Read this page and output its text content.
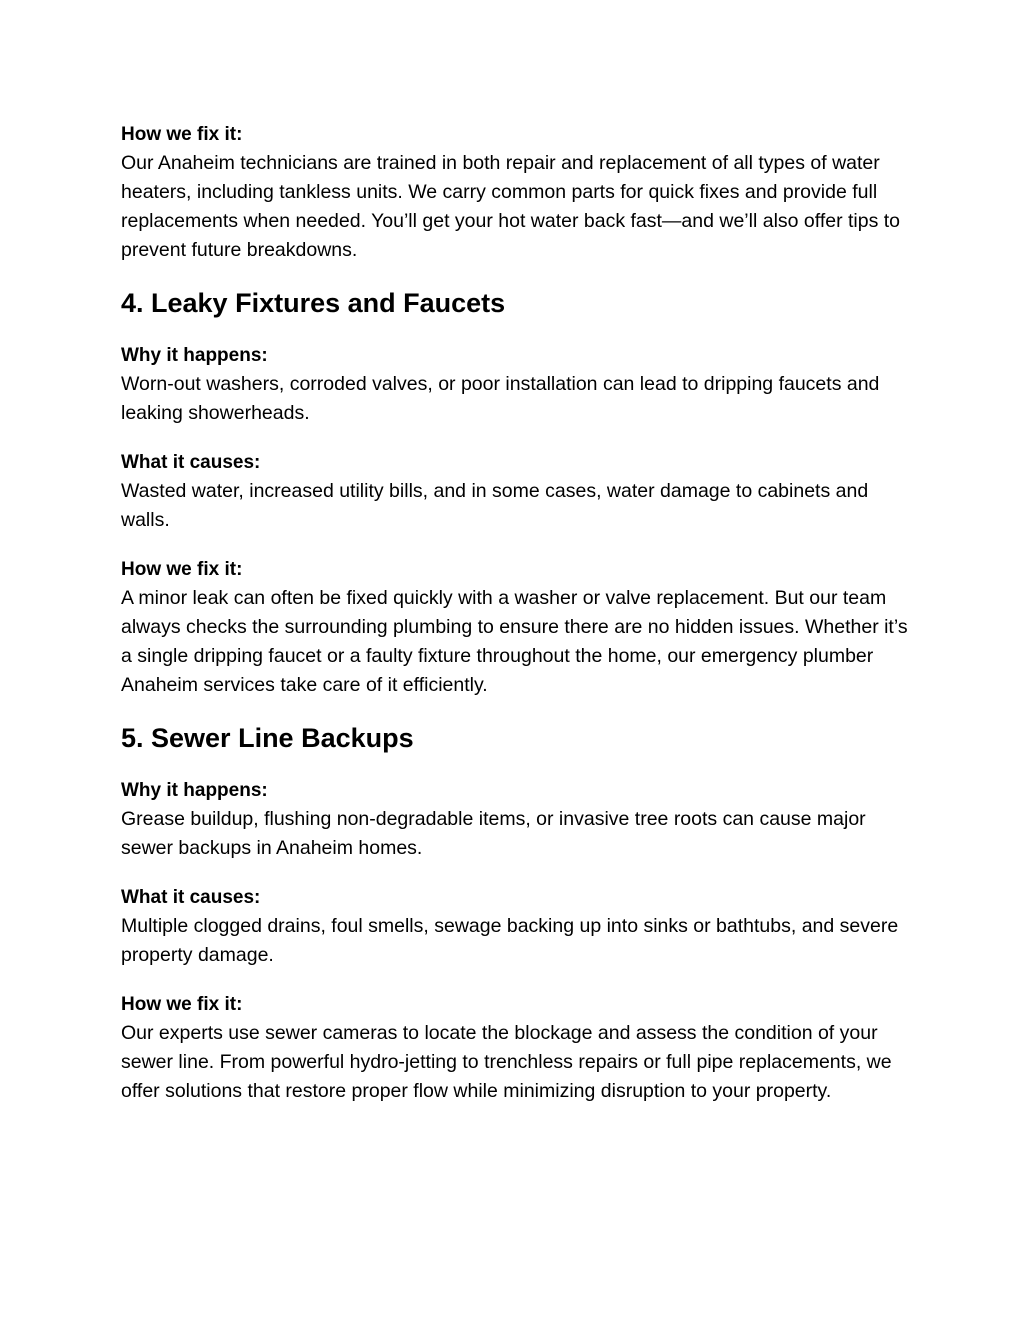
How we fix it:

Our Anaheim technicians are trained in both repair and replacement of all types of water heaters, including tankless units. We carry common parts for quick fixes and provide full replacements when needed. You’ll get your hot water back fast—and we’ll also offer tips to prevent future breakdowns.

4. Leaky Fixtures and Faucets

Why it happens:

Worn-out washers, corroded valves, or poor installation can lead to dripping faucets and leaking showerheads.

What it causes:

Wasted water, increased utility bills, and in some cases, water damage to cabinets and walls.

How we fix it:

A minor leak can often be fixed quickly with a washer or valve replacement. But our team always checks the surrounding plumbing to ensure there are no hidden issues. Whether it’s a single dripping faucet or a faulty fixture throughout the home, our emergency plumber Anaheim services take care of it efficiently.

5. Sewer Line Backups

Why it happens:

Grease buildup, flushing non-degradable items, or invasive tree roots can cause major sewer backups in Anaheim homes.

What it causes:

Multiple clogged drains, foul smells, sewage backing up into sinks or bathtubs, and severe property damage.

How we fix it:

Our experts use sewer cameras to locate the blockage and assess the condition of your sewer line. From powerful hydro-jetting to trenchless repairs or full pipe replacements, we offer solutions that restore proper flow while minimizing disruption to your property.
